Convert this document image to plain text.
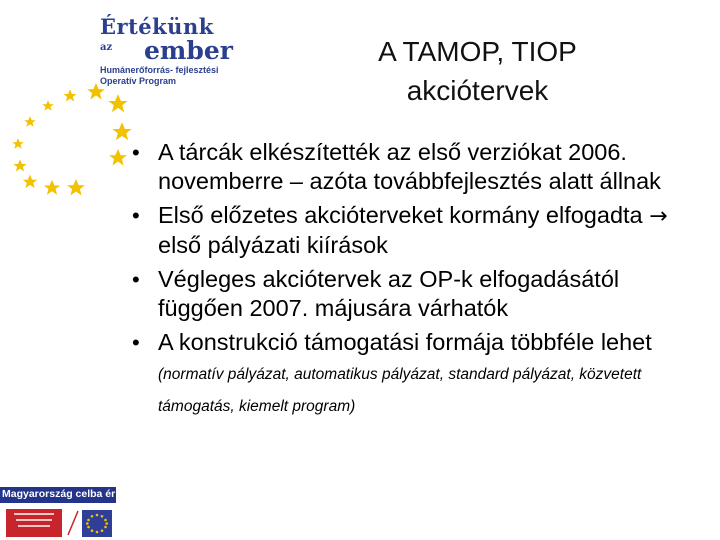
Értékünk
az ember
Humánerőforrás- fejlesztési
Operatív Program
A TAMOP, TIOP
akciótervek
• A tárcák elkészítették az első verziókat 2006. novemberre – azóta továbbfejlesztés alatt állnak
• Első előzetes akcióterveket kormány elfogadta → első pályázati kiírások
• Végleges akciótervek az OP-k elfogadásától függően 2007. májusára várhatók
• A konstrukció támogatási formája többféle lehet (normatív pályázat, automatikus pályázat, standard pályázat, közvetett támogatás, kiemelt program)
Magyarország celba ér
